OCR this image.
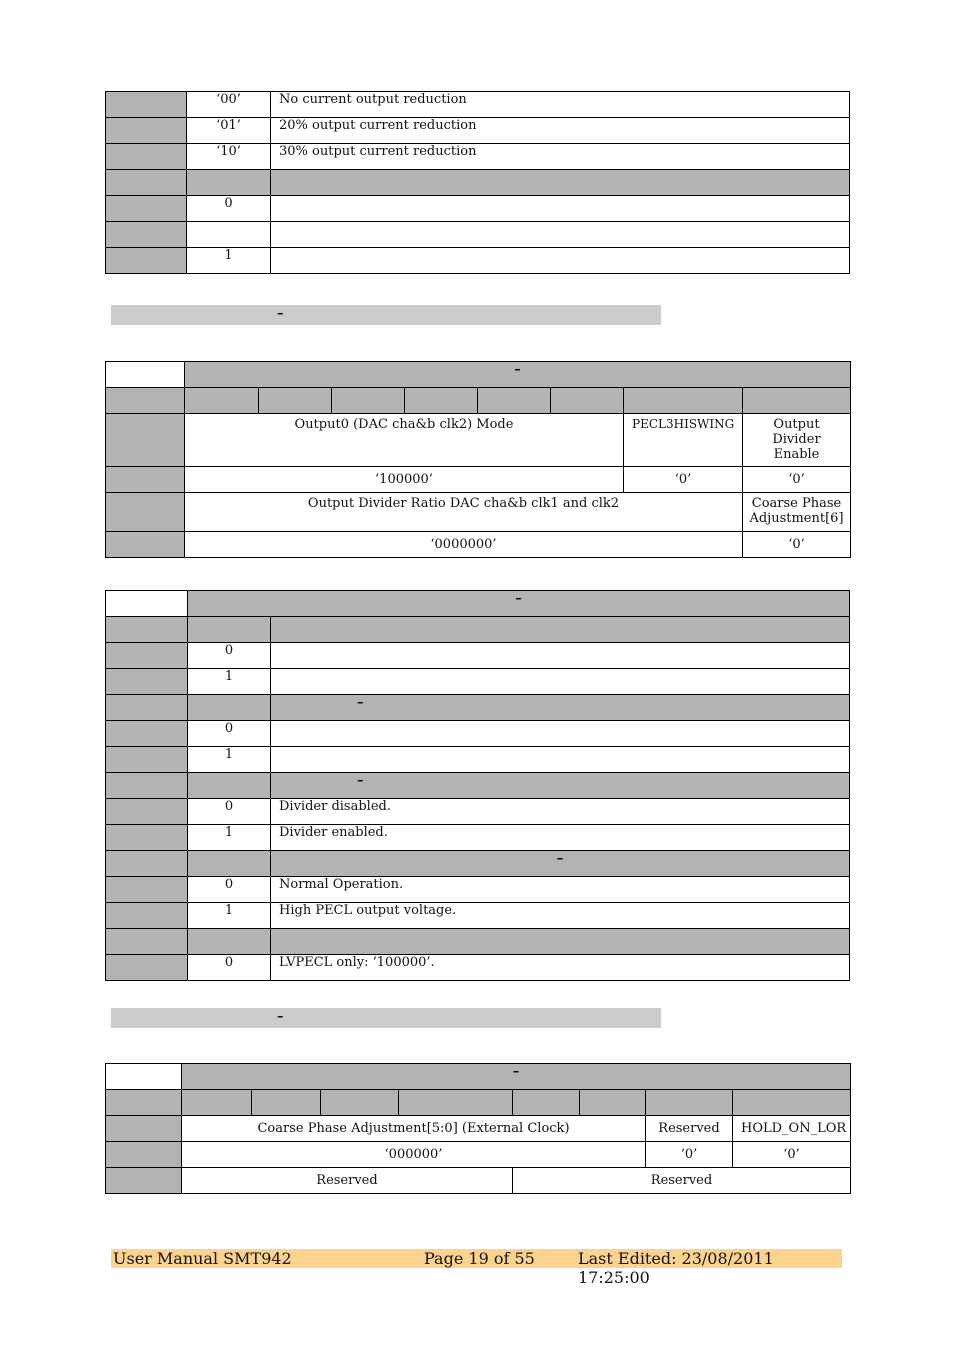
	‘00’	No current output reduction
	‘01’	20% output current reduction
	‘10’	30% output current reduction

	0	

	1	
–
	–							

	Output0 (DAC cha&b clk2) Mode						PECL3HISWING	Output Divider Enable
	‘100000’						‘0’	‘0’
	Output Divider Ratio DAC cha&b clk1 and clk2							Coarse Phase Adjustment[6]
	‘0000000’							‘0’
	–	

	0	
	1	
		–
	0	
	1	
		–
	0	Divider disabled.
	1	Divider enabled.
		–
	0	Normal Operation.
	1	High PECL output voltage.

	0	LVPECL only: ‘100000’.
–
	–							

	Coarse Phase Adjustment[5:0] (External Clock)						Reserved	HOLD_ON_LOR
	‘000000’						‘0’	‘0’
	Reserved				Reserved			
User Manual SMT942	Page 19 of 55	Last Edited: 23/08/2011 17:25:00
